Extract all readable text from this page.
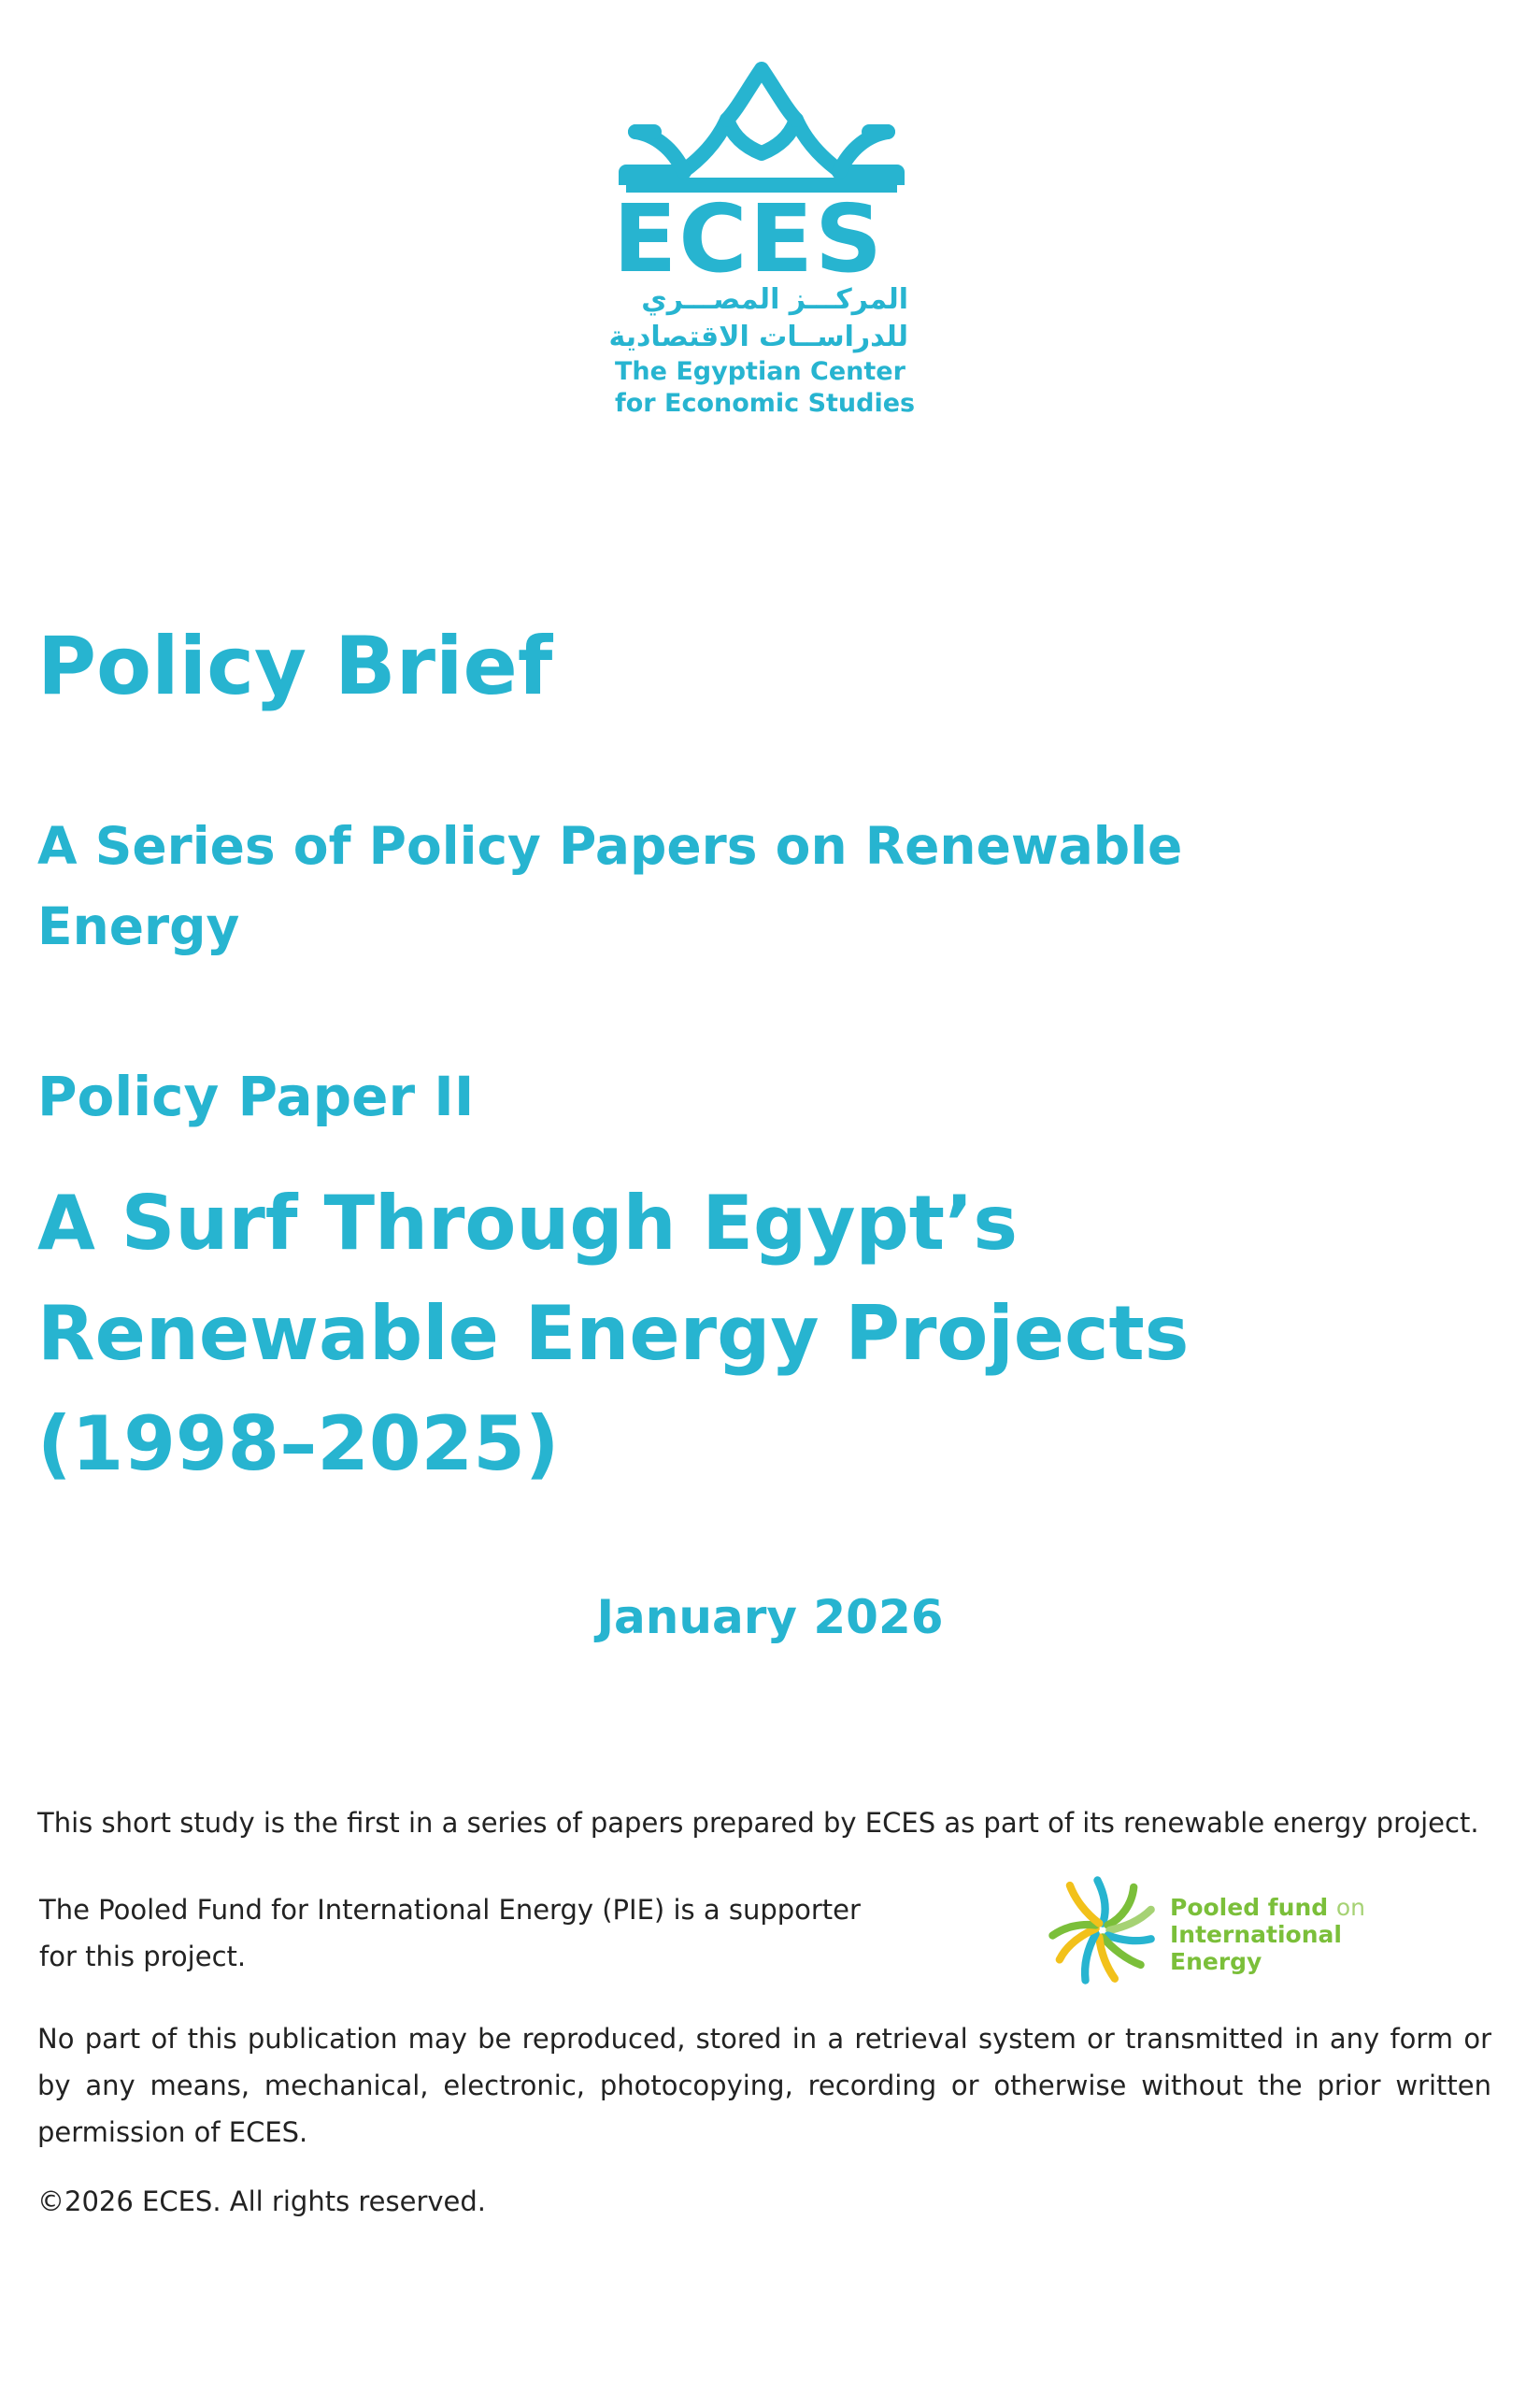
ECES
المركـــز المصـــري
للدراســات الاقتصادية
The Egyptian Center
for Economic Studies
Policy Brief
A Series of Policy Papers on Renewable Energy
Policy Paper II
A Surf Through Egypt’s
Renewable Energy Projects
(1998–2025)
January 2026

This short study is the first in a series of papers prepared by ECES as part of its renewable energy project.

The Pooled Fund for International Energy (PIE) is a supporter
for this project.
Pooled fund on
International
Energy

No part of this publication may be reproduced, stored in a retrieval system or transmitted in any form or by any means, mechanical, electronic, photocopying, recording or otherwise without the prior written permission of ECES.

©2026 ECES. All rights reserved.
